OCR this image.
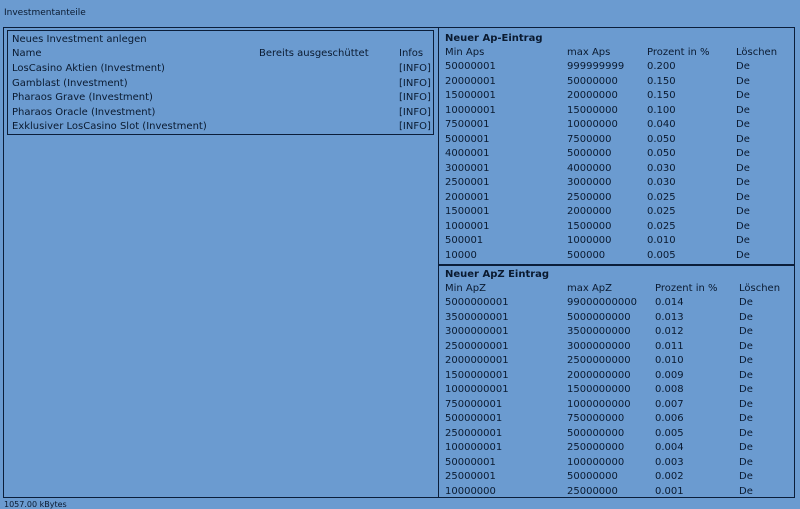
Investmentanteile
Neues Investment anlegen
Name	Bereits ausgeschüttet	Infos
LosCasino Aktien (Investment)	[INFO]
Gamblast (Investment)	[INFO]
Pharaos Grave (Investment)	[INFO]
Pharaos Oracle (Investment)	[INFO]
Exklusiver LosCasino Slot (Investment)	[INFO]
Neuer Ap-Eintrag
Min Aps	max Aps	Prozent in %	Löschen
50000001	999999999 0.200	De
20000001	50000000	0.150	De
15000001	20000000	0.150	De
10000001	15000000	0.100	De
7500001	10000000	0.040	De
5000001	7500000	0.050	De
4000001	5000000	0.050	De
3000001	4000000	0.030	De
2500001	3000000	0.030	De
2000001	2500000	0.025	De
1500001	2000000	0.025	De
1000001	1500000	0.025	De
500001	1000000	0.010	De
10000	500000	0.005	De
Neuer ApZ Eintrag
Min ApZ	max ApZ	Prozent in % Löschen
5000000001	99000000000 0.014	De
3500000001	5000000000 0.013	De
3000000001	3500000000 0.012	De
2500000001	3000000000 0.011	De
2000000001	2500000000 0.010	De
1500000001	2000000000 0.009	De
1000000001	1500000000 0.008	De
750000001	1000000000 0.007	De
500000001	750000000	0.006	De
250000001	500000000	0.005	De
100000001	250000000	0.004	De
50000001	100000000	0.003	De
25000001	50000000	0.002	De
10000000	25000000	0.001	De
1057.00 kBytes
